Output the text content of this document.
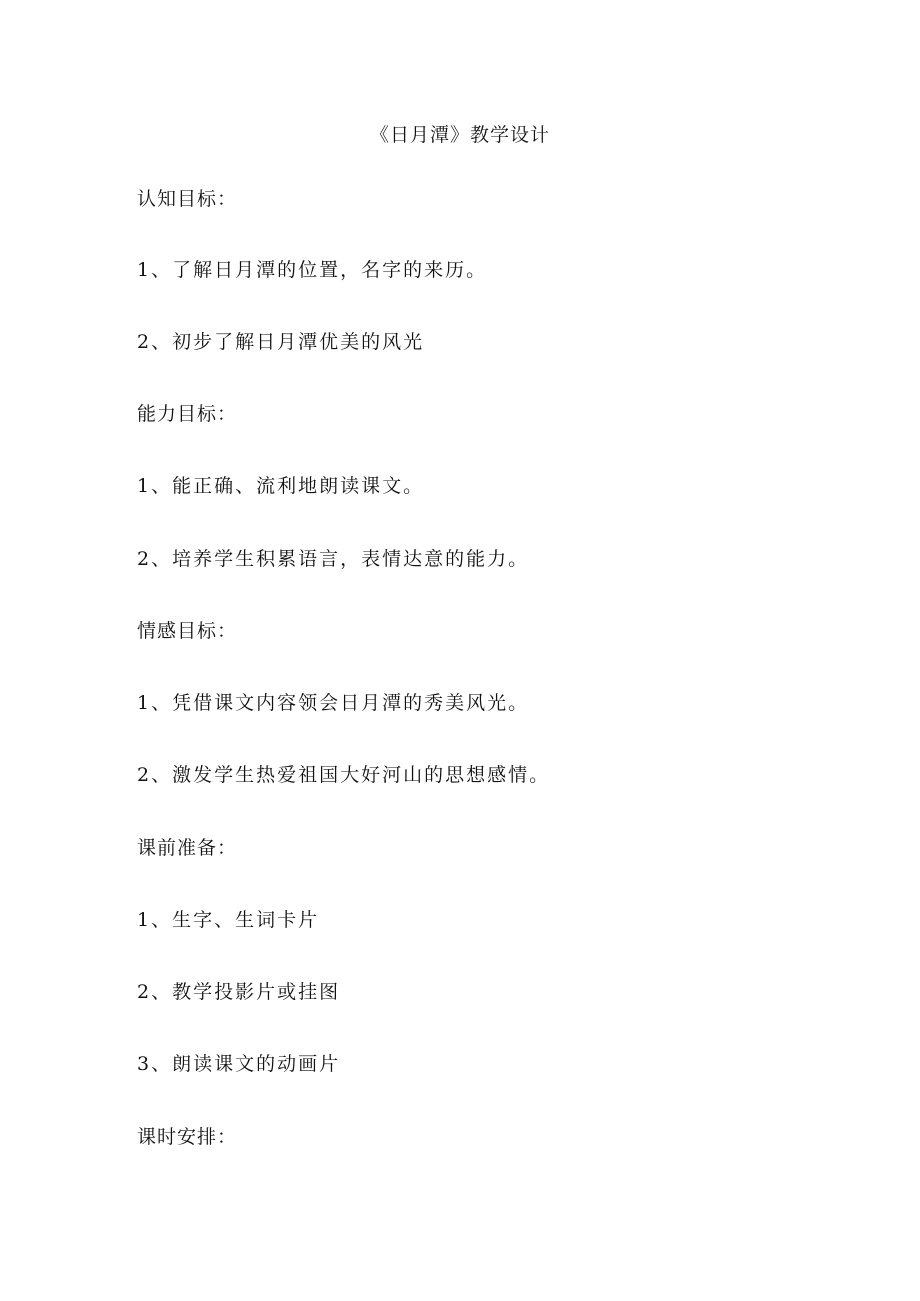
《日月潭》教学设计
认知目标：
1、了解日月潭的位置，名字的来历。
2、初步了解日月潭优美的风光
能力目标：
1、能正确、流利地朗读课文。
2、培养学生积累语言，表情达意的能力。
情感目标：
1、凭借课文内容领会日月潭的秀美风光。
2、激发学生热爱祖国大好河山的思想感情。
课前准备：
1、生字、生词卡片
2、教学投影片或挂图
3、朗读课文的动画片
课时安排：
